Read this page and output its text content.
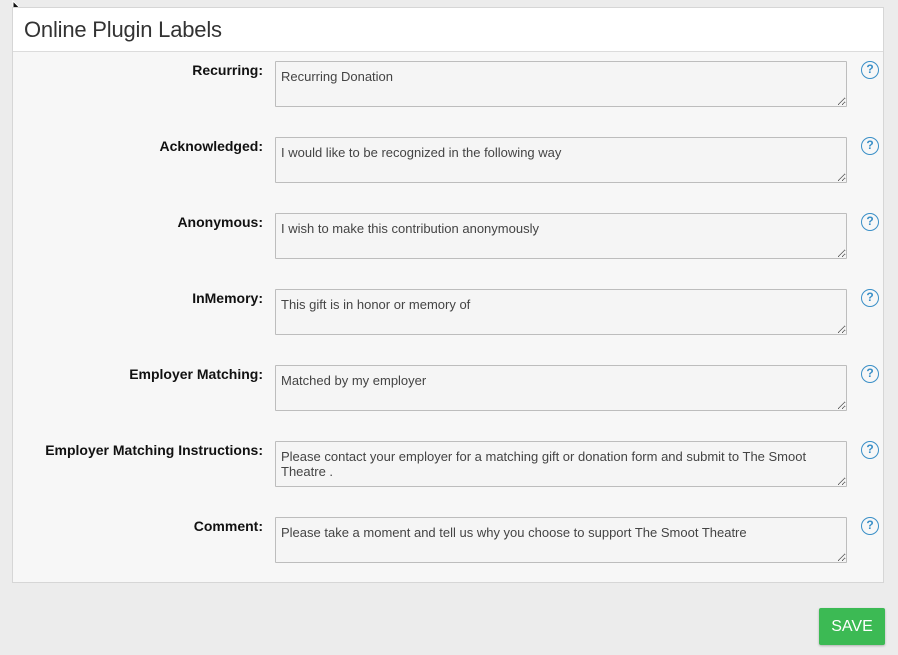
Online Plugin Labels
Recurring:
Recurring Donation	?
Acknowledged:
I would like to be recognized in the following way	?
Anonymous:
I wish to make this contribution anonymously	?
InMemory:
This gift is in honor or memory of	?
Employer Matching:
Matched by my employer	?
Employer Matching Instructions:
Please contact your employer for a matching gift or donation form and submit to The Smoot Theatre .	?
Comment:
Please take a moment and tell us why you choose to support The Smoot Theatre	?
SAVE
